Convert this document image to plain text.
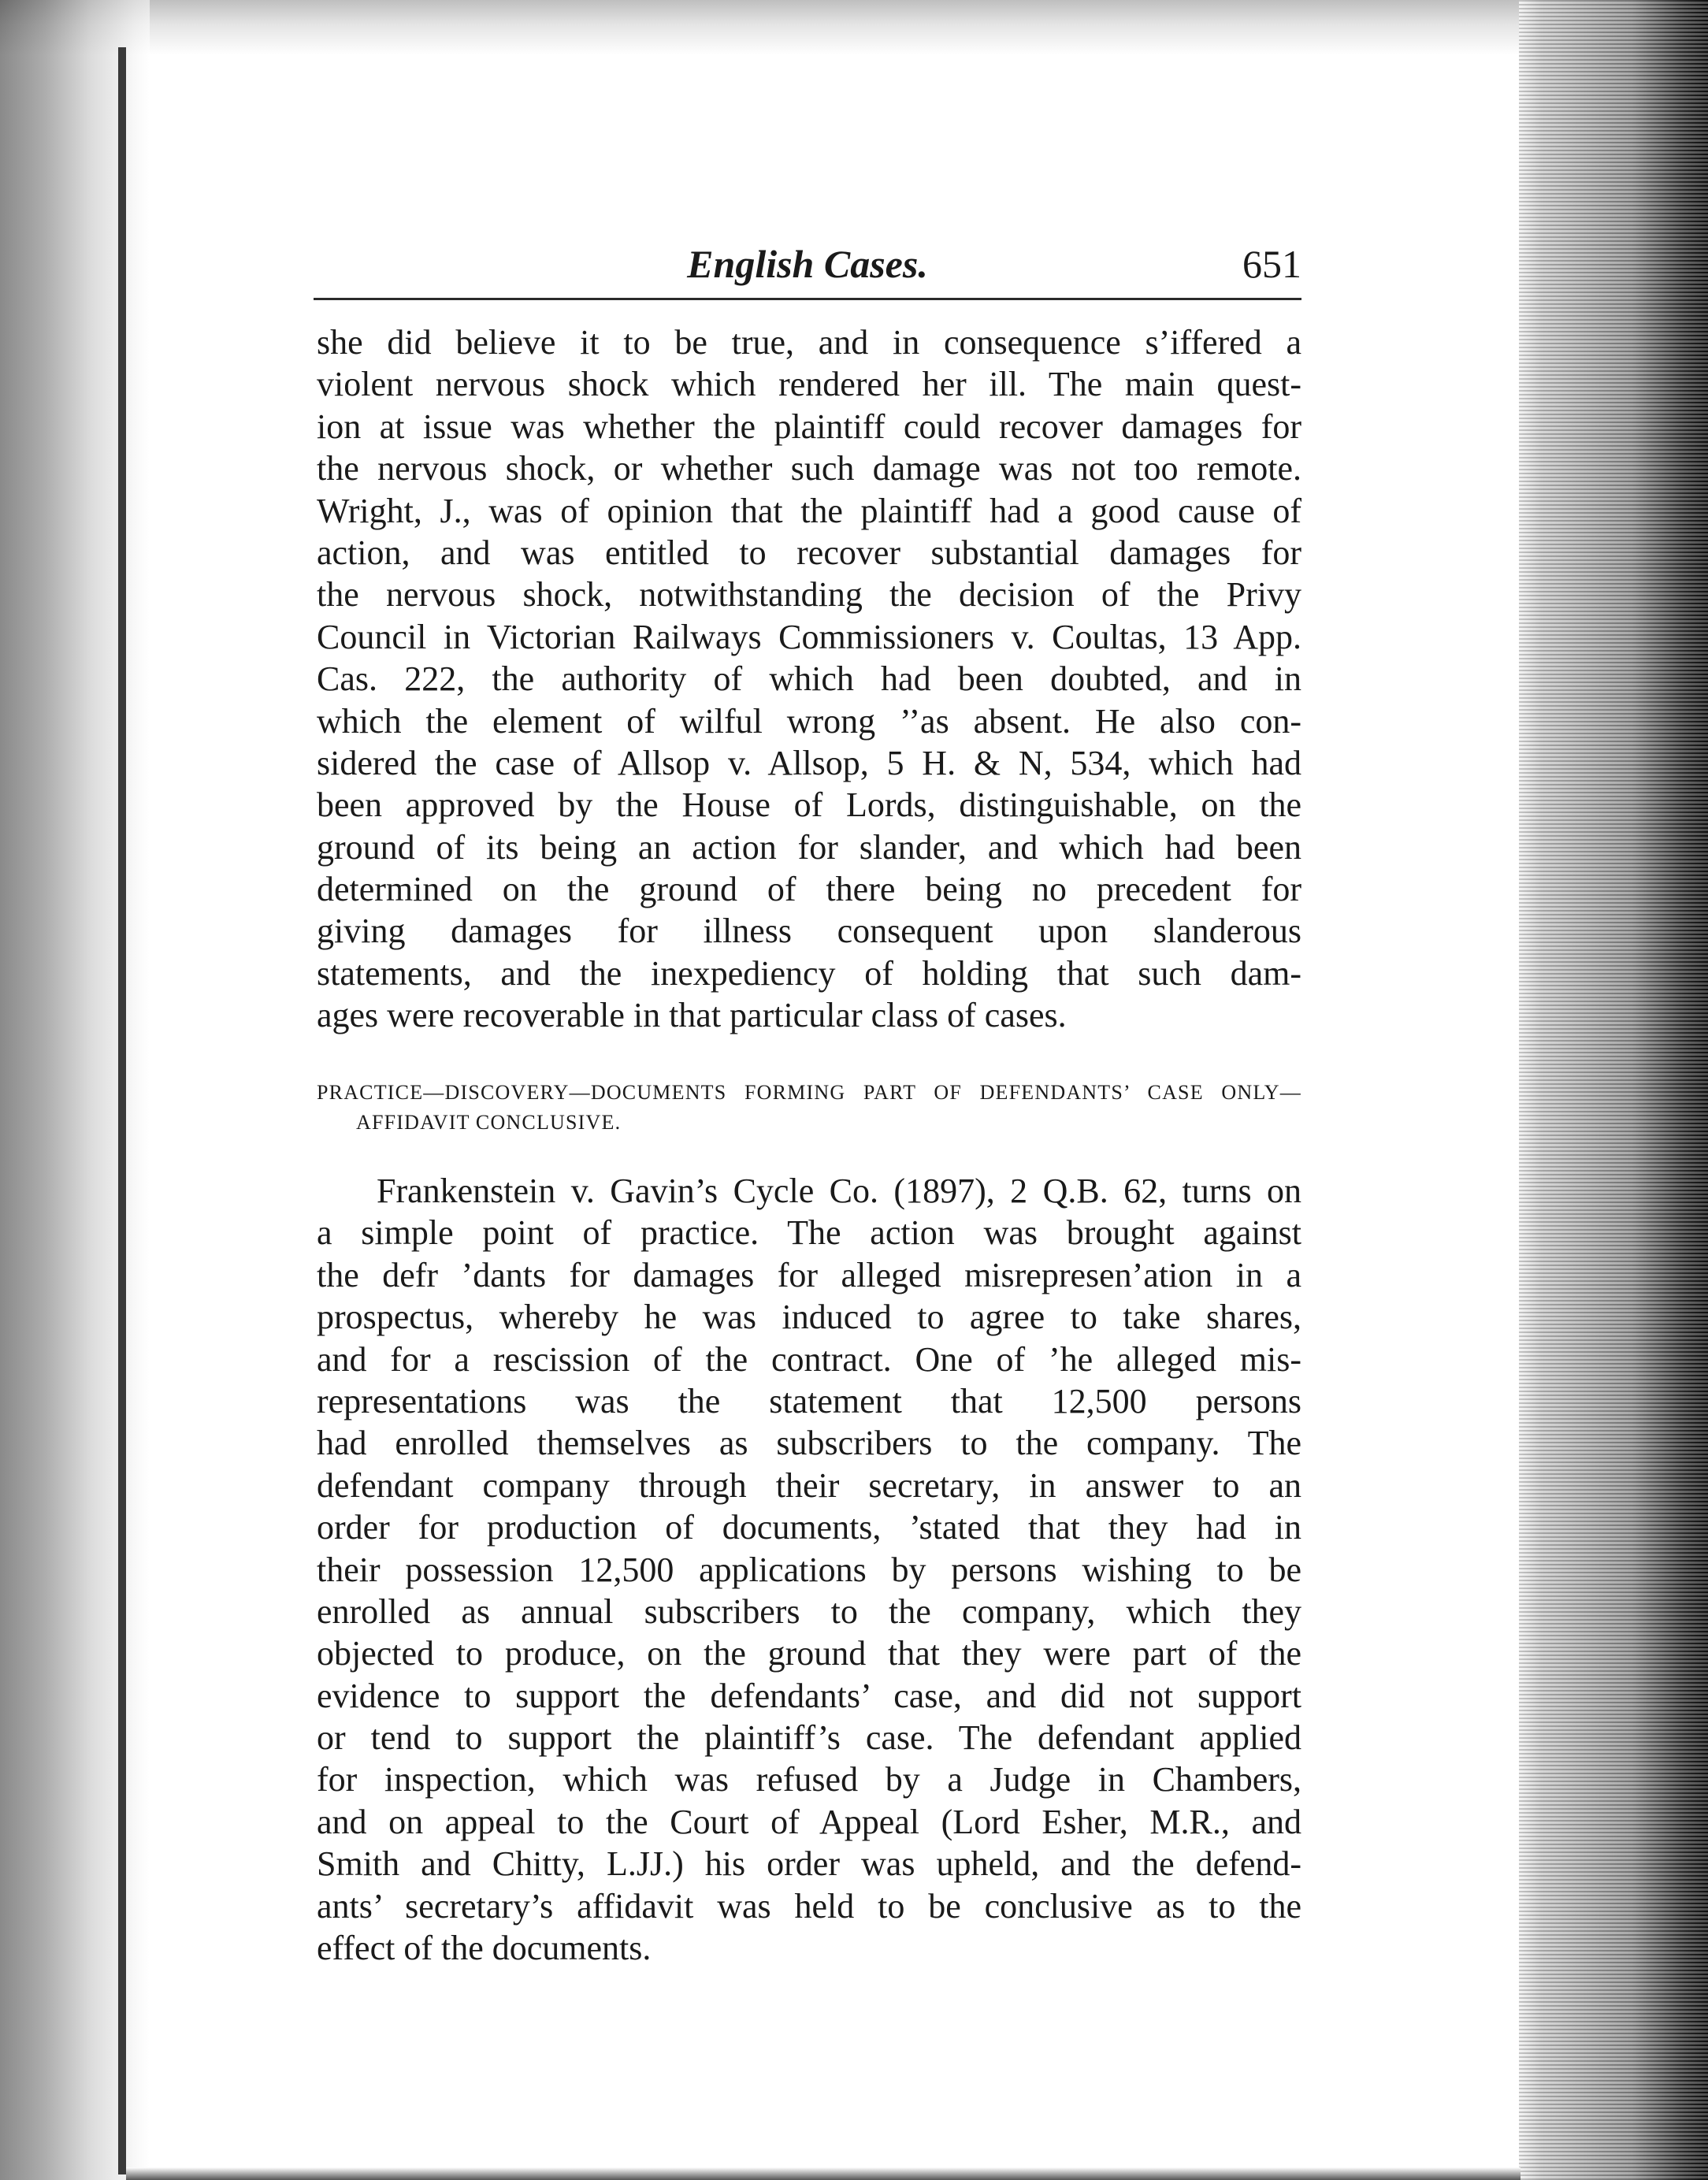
English Cases.	651
she did believe it to be true, and in consequence s’iffered a
violent nervous shock which rendered her ill. The main quest-
ion at issue was whether the plaintiff could recover damages for
the nervous shock, or whether such damage was not too remote.
Wright, J., was of opinion that the plaintiff had a good cause of
action, and was entitled to recover substantial damages for
the nervous shock, notwithstanding the decision of the Privy
Council in Victorian Railways Commissioners v. Coultas, 13 App.
Cas. 222, the authority of which had been doubted, and in
which the element of wilful wrong ’’as absent. He also con-
sidered the case of Allsop v. Allsop, 5 H. & N, 534, which had
been approved by the House of Lords, distinguishable, on the
ground of its being an action for slander, and which had been
determined on the ground of there being no precedent for
giving damages for illness consequent upon slanderous
statements, and the inexpediency of holding that such dam-
ages were recoverable in that particular class of cases.
PRACTICE—DISCOVERY—DOCUMENTS FORMING PART OF DEFENDANTS’ CASE ONLY—
AFFIDAVIT CONCLUSIVE.
Frankenstein v. Gavin’s Cycle Co. (1897), 2 Q.B. 62, turns on
a simple point of practice. The action was brought against
the defr ’dants for damages for alleged misrepresen’ation in a
prospectus, whereby he was induced to agree to take shares,
and for a rescission of the contract. One of ’he alleged mis-
representations was the statement that 12,500 persons
had enrolled themselves as subscribers to the company. The
defendant company through their secretary, in answer to an
order for production of documents, ’stated that they had in
their possession 12,500 applications by persons wishing to be
enrolled as annual subscribers to the company, which they
objected to produce, on the ground that they were part of the
evidence to support the defendants’ case, and did not support
or tend to support the plaintiff’s case. The defendant applied
for inspection, which was refused by a Judge in Chambers,
and on appeal to the Court of Appeal (Lord Esher, M.R., and
Smith and Chitty, L.JJ.) his order was upheld, and the defend-
ants’ secretary’s affidavit was held to be conclusive as to the
effect of the documents.
